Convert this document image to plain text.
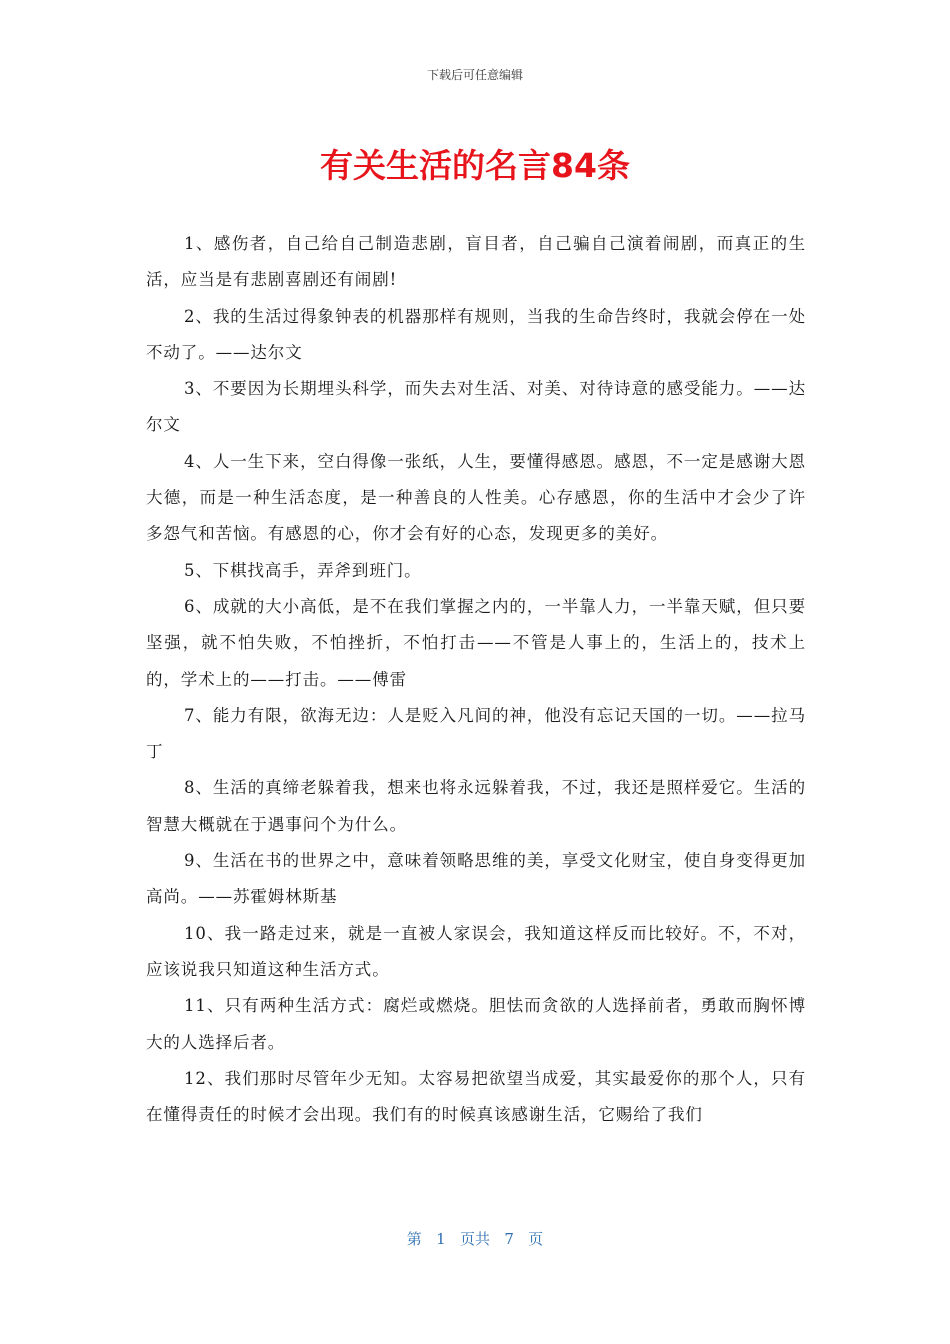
下载后可任意编辑
有关生活的名言84条

1、感伤者，自己给自己制造悲剧，盲目者，自己骗自己演着闹剧，而真正的生活，应当是有悲剧喜剧还有闹剧!

2、我的生活过得象钟表的机器那样有规则，当我的生命告终时，我就会停在一处不动了。——达尔文

3、不要因为长期埋头科学，而失去对生活、对美、对待诗意的感受能力。——达尔文

4、人一生下来，空白得像一张纸，人生，要懂得感恩。感恩，不一定是感谢大恩大德，而是一种生活态度，是一种善良的人性美。心存感恩，你的生活中才会少了许多怨气和苦恼。有感恩的心，你才会有好的心态，发现更多的美好。

5、下棋找高手，弄斧到班门。

6、成就的大小高低，是不在我们掌握之内的，一半靠人力，一半靠天赋，但只要坚强，就不怕失败，不怕挫折，不怕打击——不管是人事上的，生活上的，技术上的，学术上的——打击。——傅雷

7、能力有限，欲海无边：人是贬入凡间的神，他没有忘记天国的一切。——拉马丁

8、生活的真缔老躲着我，想来也将永远躲着我，不过，我还是照样爱它。生活的智慧大概就在于遇事问个为什么。

9、生活在书的世界之中，意味着领略思维的美，享受文化财宝，使自身变得更加高尚。——苏霍姆林斯基

10、我一路走过来，就是一直被人家误会，我知道这样反而比较好。不，不对，应该说我只知道这种生活方式。

11、只有两种生活方式：腐烂或燃烧。胆怯而贪欲的人选择前者，勇敢而胸怀博大的人选择后者。

12、我们那时尽管年少无知。太容易把欲望当成爱，其实最爱你的那个人，只有在懂得责任的时候才会出现。我们有的时候真该感谢生活，它赐给了我们

第 1 页共 7 页
